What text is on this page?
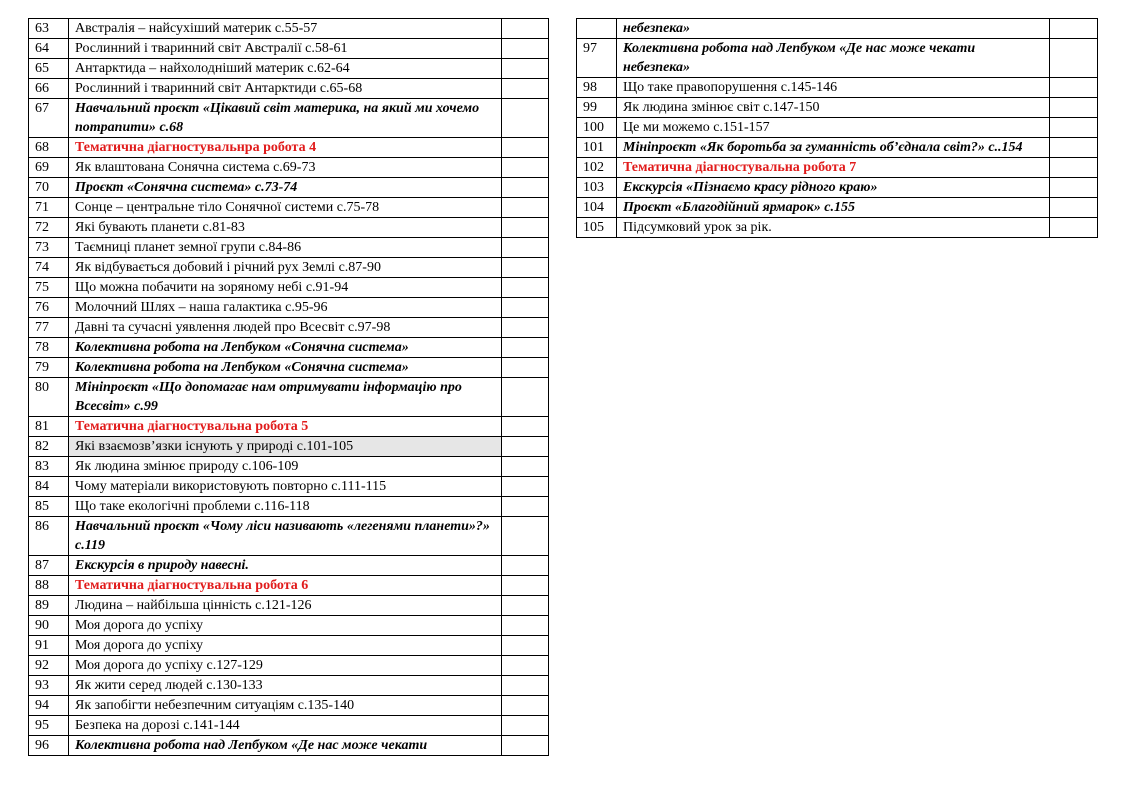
63	Австралія – найсухіший материк с.55-57	
64	Рослинний і тваринний світ Австралії с.58-61	
65	Антарктида – найхолодніший материк с.62-64	
66	Рослинний і тваринний світ Антарктиди с.65-68	
67	Навчальний проєкт «Цікавий світ материка, на який ми хочемо потрапити» с.68	
68	Тематична діагностувальнра робота 4	
69	Як влаштована Сонячна система с.69-73	
70	Проєкт «Сонячна система» с.73-74	
71	Сонце – центральне тіло Сонячної системи с.75-78	
72	Які бувають планети с.81-83	
73	Таємниці планет земної групи с.84-86	
74	Як відбувається добовий і річний рух Землі с.87-90	
75	Що можна побачити на зоряному небі с.91-94	
76	Молочний Шлях – наша галактика с.95-96	
77	Давні та сучасні уявлення людей про Всесвіт с.97-98	
78	Колективна робота на Лепбуком «Сонячна система»	
79	Колективна робота на Лепбуком «Сонячна система»	
80	Мініпроєкт «Що допомагає нам отримувати інформацію про Всесвіт» с.99	
81	Тематична діагностувальна робота 5	
82	Які взаємозв’язки існують у природі с.101-105	
83	Як людина змінює природу с.106-109	
84	Чому матеріали використовують повторно с.111-115	
85	Що таке екологічні проблеми с.116-118	
86	Навчальний проєкт «Чому ліси називають «легенями планети»?» с.119	
87	Екскурсія в природу навесні.	
88	Тематична діагностувальна робота 6	
89	Людина – найбільша цінність с.121-126	
90	Моя дорога до успіху	
91	Моя дорога до успіху	
92	Моя дорога до успіху с.127-129	
93	Як жити серед людей с.130-133	
94	Як запобігти небезпечним ситуаціям с.135-140	
95	Безпека на дорозі с.141-144	
96	Колективна робота над Лепбуком «Де нас може чекати	
	небезпека»	
97	Колективна робота над Лепбуком «Де нас може чекати небезпека»	
98	Що таке правопорушення с.145-146	
99	Як людина змінює світ с.147-150	
100	Це ми можемо с.151-157	
101	Мініпроєкт «Як боротьба за гуманність об’єднала світ?» с..154	
102	Тематична діагностувальна робота 7	
103	Екскурсія «Пізнаємо красу рідного краю»	
104	Проєкт «Благодійний ярмарок» с.155	
105	Підсумковий урок за рік.	
